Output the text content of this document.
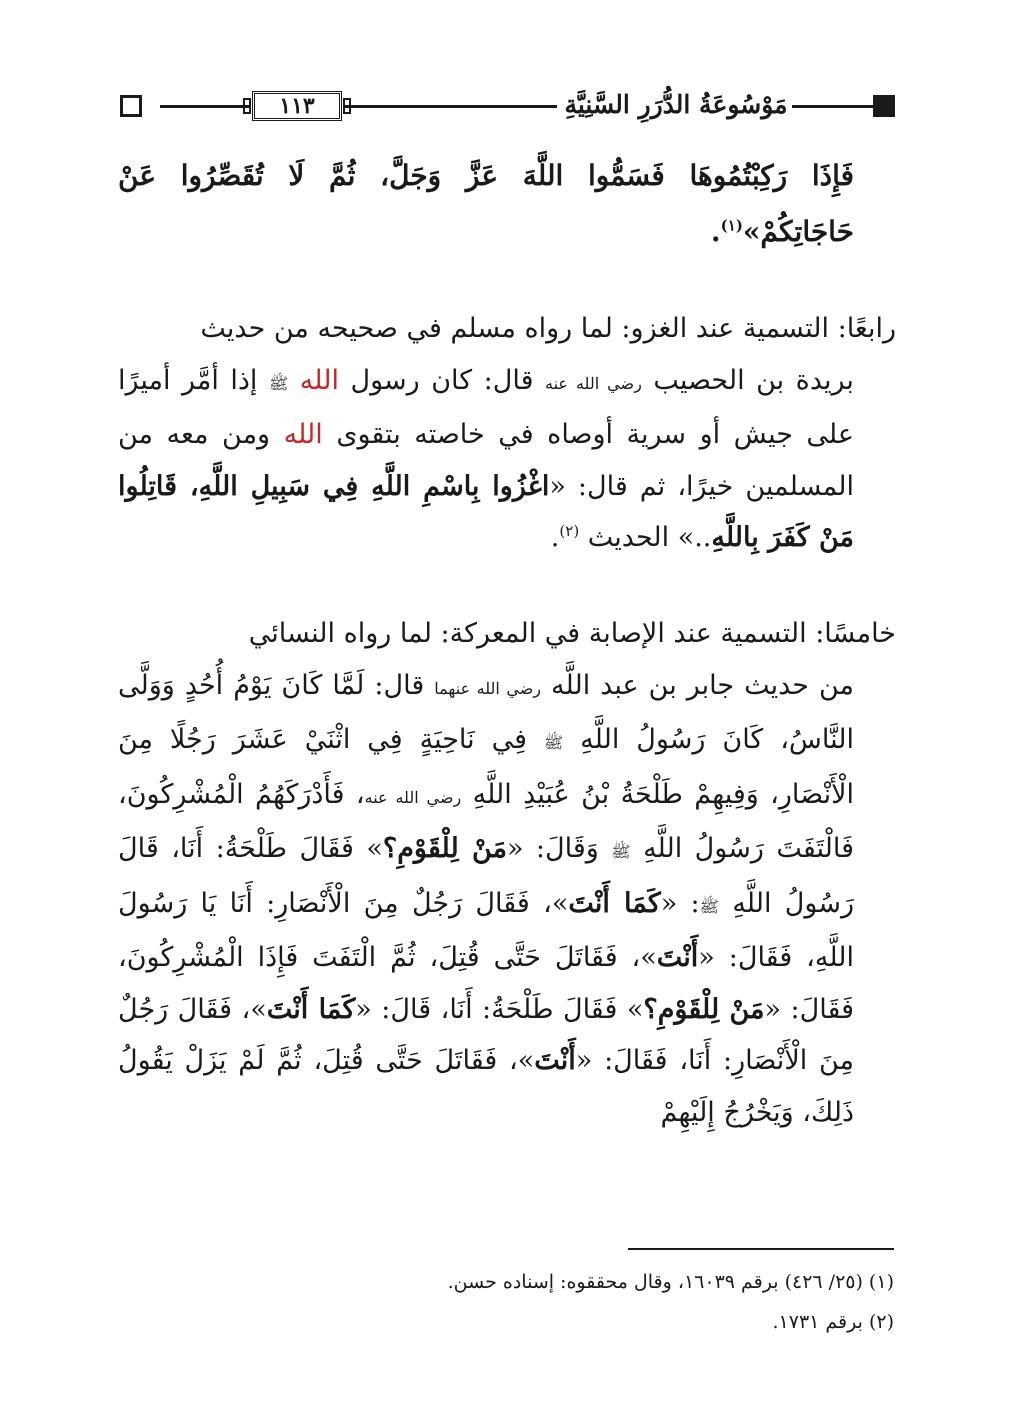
١١٣	مَوْسُوعَةُ الدُّرَرِ السَّنِيَّةِ

فَإِذَا رَكِبْتُمُوهَا فَسَمُّوا اللَّهَ عَزَّ وَجَلَّ، ثُمَّ لَا تُقَصِّرُوا عَنْ حَاجَاتِكُمْ»$^{(١)}$.

رابعًا: التسمية عند الغزو: لما رواه مسلم في صحيحه من حديث

بريدة بن الحصيب رضي الله عنه قال: كان رسول الله ﷺ إذا أمَّر أميرًا على جيش أو سرية أوصاه في خاصته بتقوى الله ومن معه من المسلمين خيرًا، ثم قال: «اغْزُوا بِاسْمِ اللَّهِ فِي سَبِيلِ اللَّهِ، قَاتِلُوا مَنْ كَفَرَ بِاللَّهِ..» الحديث $^{(٢)}$.

خامسًا: التسمية عند الإصابة في المعركة: لما رواه النسائي

من حديث جابر بن عبد اللَّه رضي الله عنهما قال: لَمَّا كَانَ يَوْمُ أُحُدٍ وَوَلَّى النَّاسُ، كَانَ رَسُولُ اللَّهِ ﷺ فِي نَاحِيَةٍ فِي اثْنَيْ عَشَرَ رَجُلًا مِنَ الْأَنْصَارِ، وَفِيهِمْ طَلْحَةُ بْنُ عُبَيْدِ اللَّهِ رضي الله عنه، فَأَدْرَكَهُمُ الْمُشْرِكُونَ، فَالْتَفَتَ رَسُولُ اللَّهِ ﷺ وَقَالَ: «مَنْ لِلْقَوْمِ؟» فَقَالَ طَلْحَةُ: أَنَا، قَالَ رَسُولُ اللَّهِ ﷺ: «كَمَا أَنْتَ»، فَقَالَ رَجُلٌ مِنَ الْأَنْصَارِ: أَنَا يَا رَسُولَ اللَّهِ، فَقَالَ: «أَنْتَ»، فَقَاتَلَ حَتَّى قُتِلَ، ثُمَّ الْتَفَتَ فَإِذَا الْمُشْرِكُونَ، فَقَالَ: «مَنْ لِلْقَوْمِ؟» فَقَالَ طَلْحَةُ: أَنَا، قَالَ: «كَمَا أَنْتَ»، فَقَالَ رَجُلٌ مِنَ الْأَنْصَارِ: أَنَا، فَقَالَ: «أَنْتَ»، فَقَاتَلَ حَتَّى قُتِلَ، ثُمَّ لَمْ يَزَلْ يَقُولُ ذَلِكَ، وَيَخْرُجُ إِلَيْهِمْ

(١) (٢٥/ ٤٢٦) برقم ١٦٠٣٩، وقال محققوه: إسناده حسن.
(٢) برقم ١٧٣١.
